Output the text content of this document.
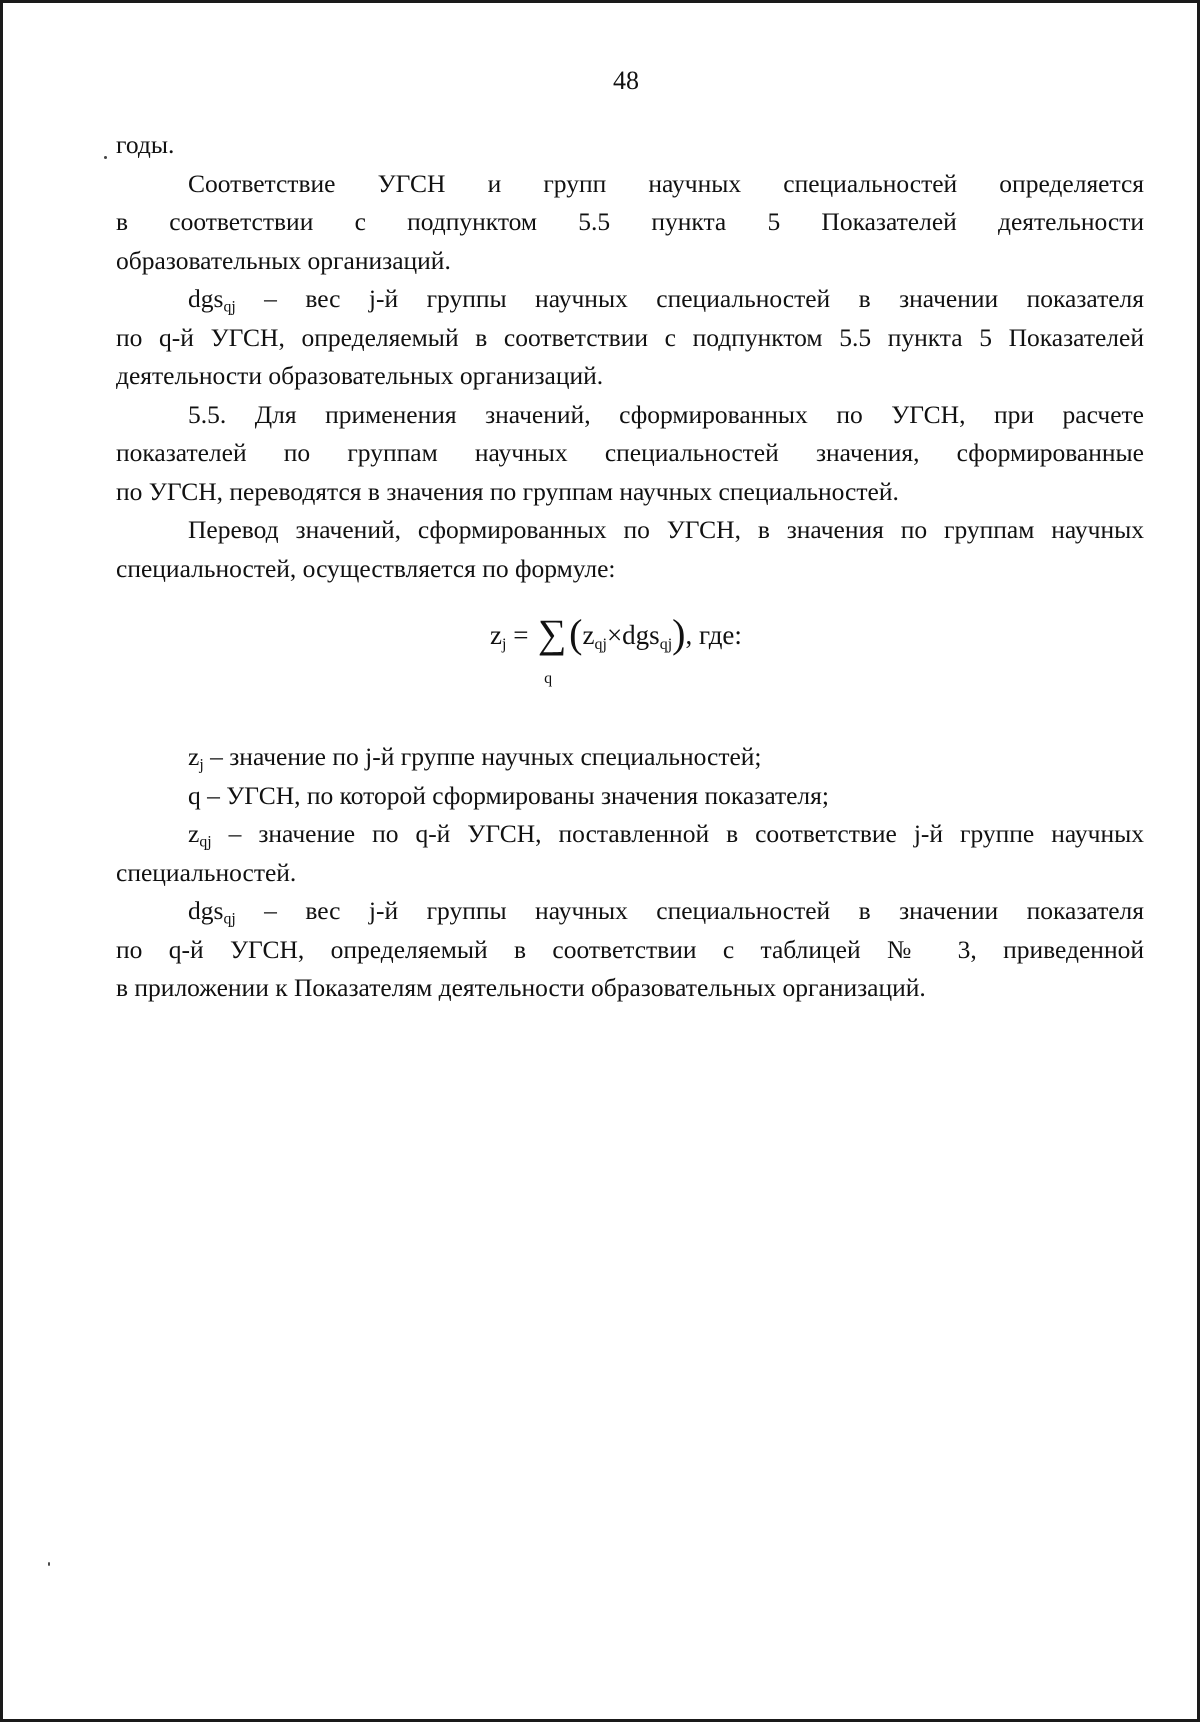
48
годы.
Соответствие УГСН и групп научных специальностей определяется
в соответствии с подпунктом 5.5 пункта 5 Показателей деятельности
образовательных организаций.
dgs$_{qj}$ – вес j-й группы научных специальностей в значении показателя
по q-й УГСН, определяемый в соответствии с подпунктом 5.5 пункта 5 Показателей
деятельности образовательных организаций.
5.5. Для применения значений, сформированных по УГСН, при расчете
показателей по группам научных специальностей значения, сформированные
по УГСН, переводятся в значения по группам научных специальностей.
Перевод значений, сформированных по УГСН, в значения по группам научных
специальностей, осуществляется по формуле:
$z_j$ = ∑
q
$(z_{qj}\times dgs_{qj})$, где:
$z_j$ – значение по j-й группе научных специальностей;
q – УГСН, по которой сформированы значения показателя;
$z_{qj}$ – значение по q-й УГСН, поставленной в соответствие j-й группе научных
специальностей.
dgs$_{qj}$ – вес j-й группы научных специальностей в значении показателя
по q-й УГСН, определяемый в соответствии с таблицей № 3, приведенной
в приложении к Показателям деятельности образовательных организаций.
